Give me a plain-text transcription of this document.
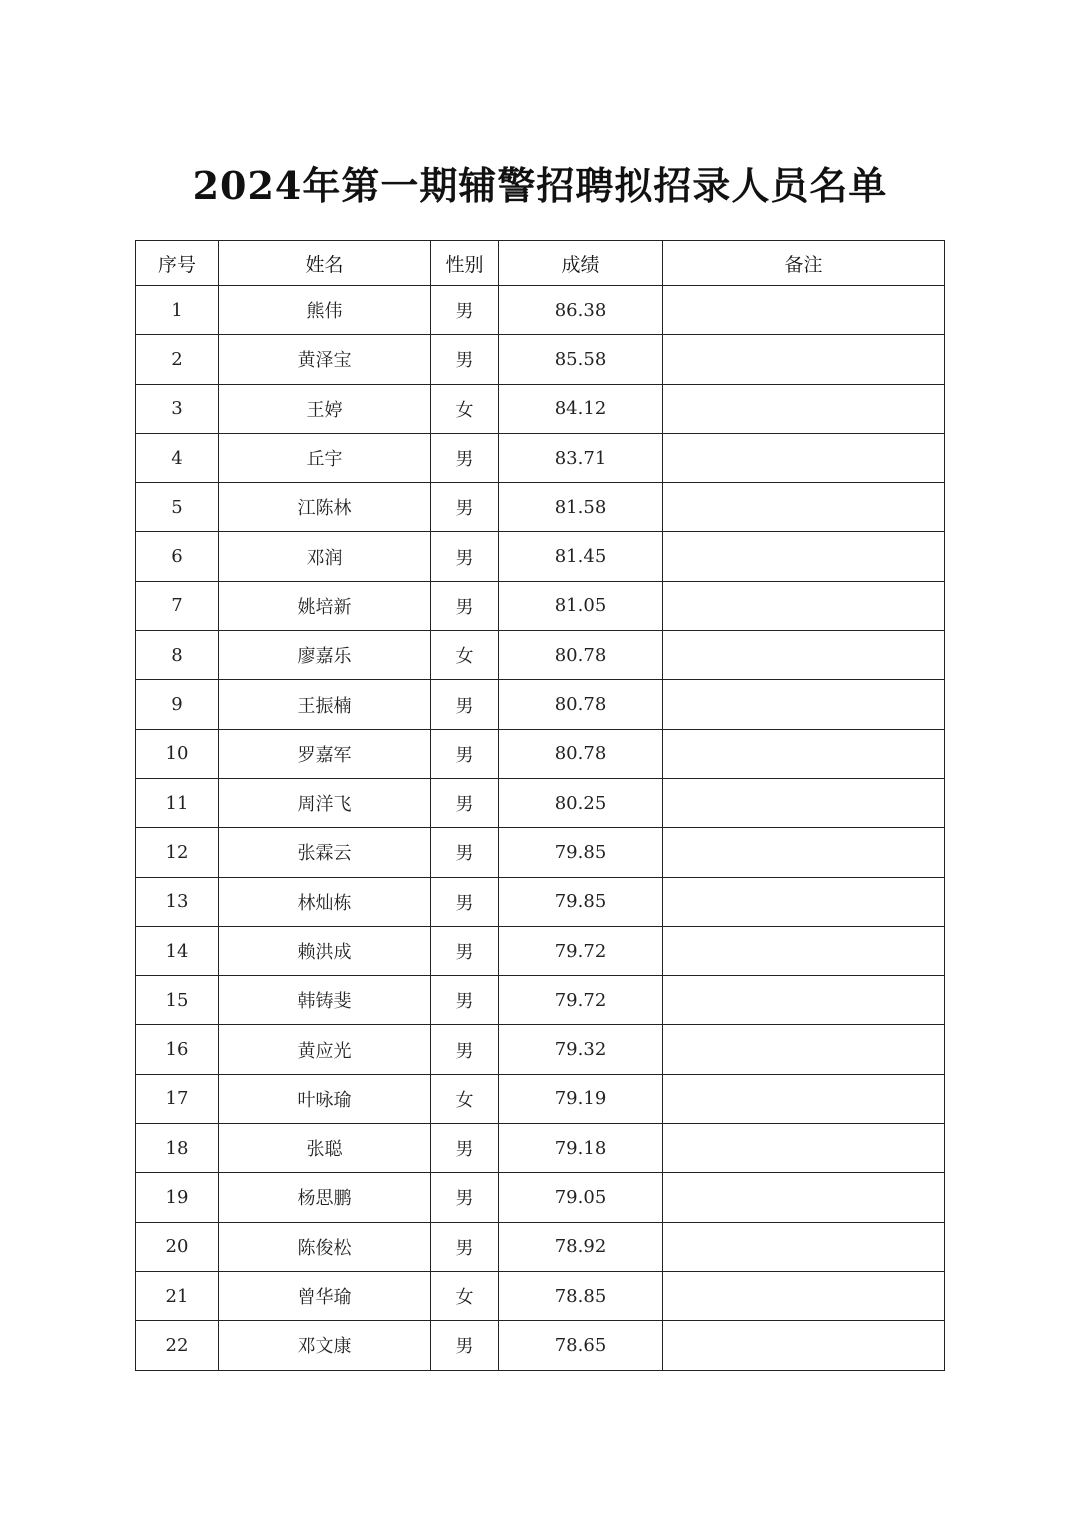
2024年第一期辅警招聘拟招录人员名单
序号	姓名	性别	成绩	备注
1	熊伟	男	86.38	
2	黄泽宝	男	85.58	
3	王婷	女	84.12	
4	丘宇	男	83.71	
5	江陈林	男	81.58	
6	邓润	男	81.45	
7	姚培新	男	81.05	
8	廖嘉乐	女	80.78	
9	王振楠	男	80.78	
10	罗嘉军	男	80.78	
11	周洋飞	男	80.25	
12	张霖云	男	79.85	
13	林灿栋	男	79.85	
14	赖洪成	男	79.72	
15	韩铸斐	男	79.72	
16	黄应光	男	79.32	
17	叶咏瑜	女	79.19	
18	张聪	男	79.18	
19	杨思鹏	男	79.05	
20	陈俊松	男	78.92	
21	曾华瑜	女	78.85	
22	邓文康	男	78.65	
